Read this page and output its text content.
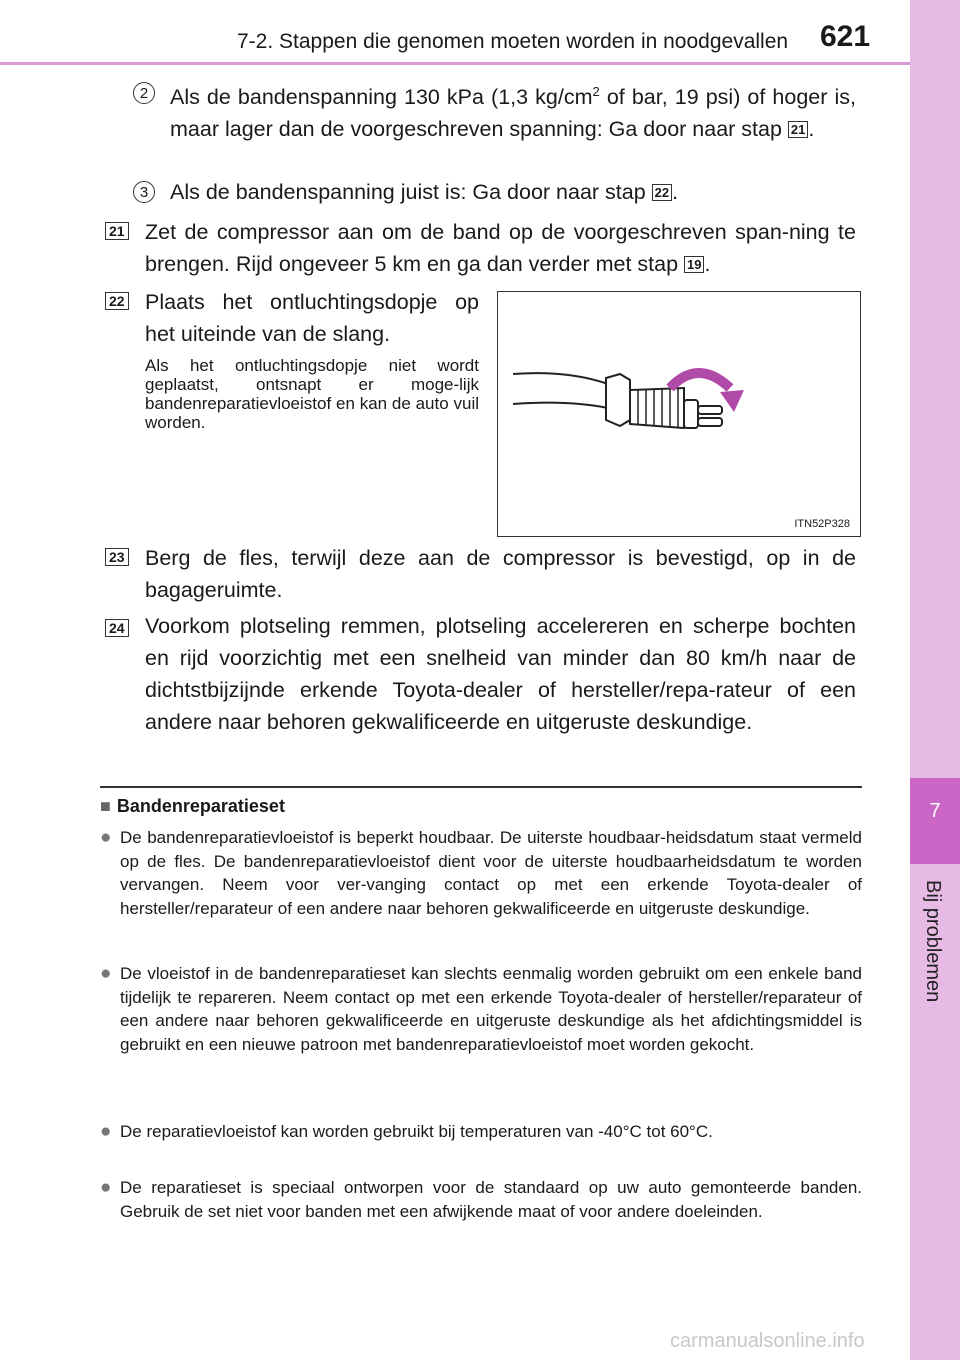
7-2. Stappen die genomen moeten worden in noodgevallen 621
7
Bij problemen
2	Als de bandenspanning 130 kPa (1,3 $kg/cm^2$ of bar, 19 psi) of hoger is, maar lager dan de voorgeschreven spanning: Ga door naar stap 21 .
3	Als de bandenspanning juist is: Ga door naar stap 22 .
21 Zet de compressor aan om de band op de voorgeschreven span-ning te brengen. Rijd ongeveer 5 km en ga dan verder met stap 19 .
22 Plaats het ontluchtingsdopje op het uiteinde van de slang.
Als het ontluchtingsdopje niet wordt geplaatst, ontsnapt er moge-lijk bandenreparatievloeistof en kan de auto vuil worden.
ITN52P328
23 Berg de fles, terwijl deze aan de compressor is bevestigd, op in de bagageruimte.
24 Voorkom plotseling remmen, plotseling accelereren en scherpe bochten en rijd voorzichtig met een snelheid van minder dan 80 km/h naar de dichtstbijzijnde erkende Toyota-dealer of hersteller/repa-rateur of een andere naar behoren gekwalificeerde en uitgeruste deskundige.
■ Bandenreparatieset
● De bandenreparatievloeistof is beperkt houdbaar. De uiterste houdbaar-heidsdatum staat vermeld op de fles. De bandenreparatievloeistof dient voor de uiterste houdbaarheidsdatum te worden vervangen. Neem voor ver-vanging contact op met een erkende Toyota-dealer of hersteller/reparateur of een andere naar behoren gekwalificeerde en uitgeruste deskundige.
● De vloeistof in de bandenreparatieset kan slechts eenmalig worden gebruikt om een enkele band tijdelijk te repareren. Neem contact op met een erkende Toyota-dealer of hersteller/reparateur of een andere naar behoren gekwalificeerde en uitgeruste deskundige als het afdichtingsmiddel is gebruikt en een nieuwe patroon met bandenreparatievloeistof moet worden gekocht.
● De reparatievloeistof kan worden gebruikt bij temperaturen van -40°C tot 60°C.
● De reparatieset is speciaal ontworpen voor de standaard op uw auto gemonteerde banden. Gebruik de set niet voor banden met een afwijkende maat of voor andere doeleinden.
carmanualsonline.info
